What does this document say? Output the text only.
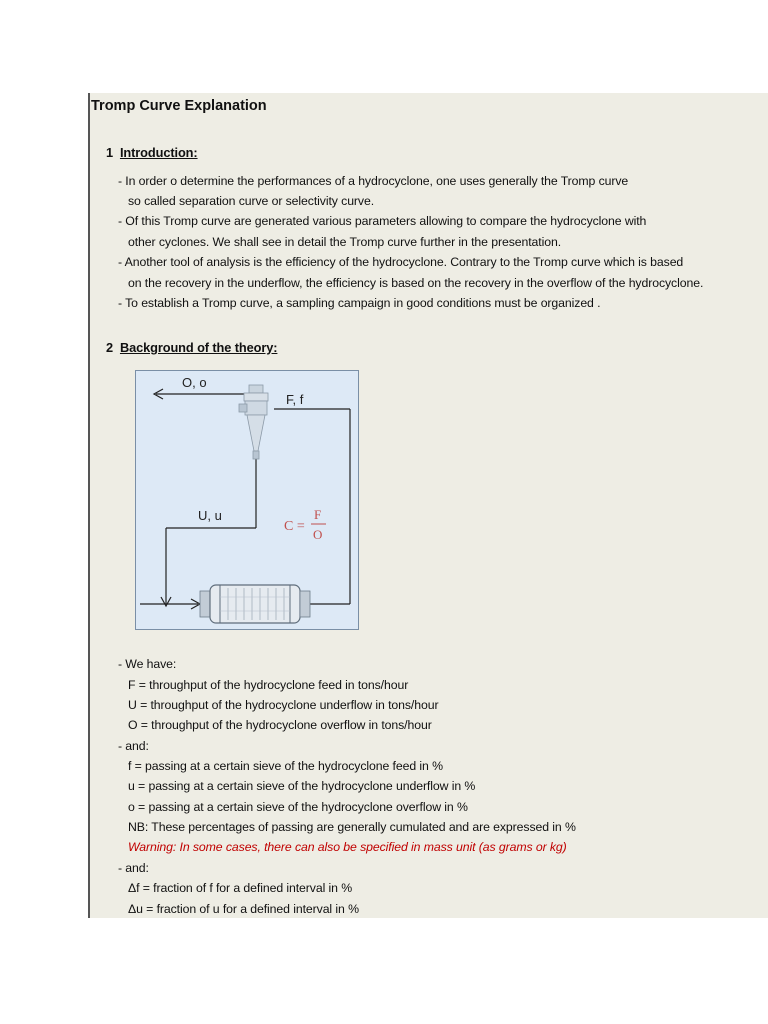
Tromp Curve Explanation
1 Introduction:
- In order o determine the performances of a hydrocyclone, one uses generally the Tromp curve
so called separation curve or selectivity curve.
- Of this Tromp curve are generated various parameters allowing to compare the hydrocyclone with
other cyclones. We shall see in detail the Tromp curve further in the presentation.
- Another tool of analysis is the efficiency of the hydrocyclone. Contrary to the Tromp curve which is based
on the recovery in the underflow, the efficiency is based on the recovery in the overflow of the hydrocyclone.
- To establish a Tromp curve, a sampling campaign in good conditions must be organized .
2 Background of the theory:
O, o
F, f
U, u
C =
F
O
- We have:
F = throughput of the hydrocyclone feed in tons/hour
U = throughput of the hydrocyclone underflow in tons/hour
O = throughput of the hydrocyclone overflow in tons/hour
- and:
f = passing at a certain sieve of the hydrocyclone feed in %
u = passing at a certain sieve of the hydrocyclone underflow in %
o = passing at a certain sieve of the hydrocyclone overflow in %
NB: These percentages of passing are generally cumulated and are expressed in %
Warning: In some cases, there can also be specified in mass unit (as grams or kg)
- and:
Δf = fraction of f for a defined interval in %
Δu = fraction of u for a defined interval in %
